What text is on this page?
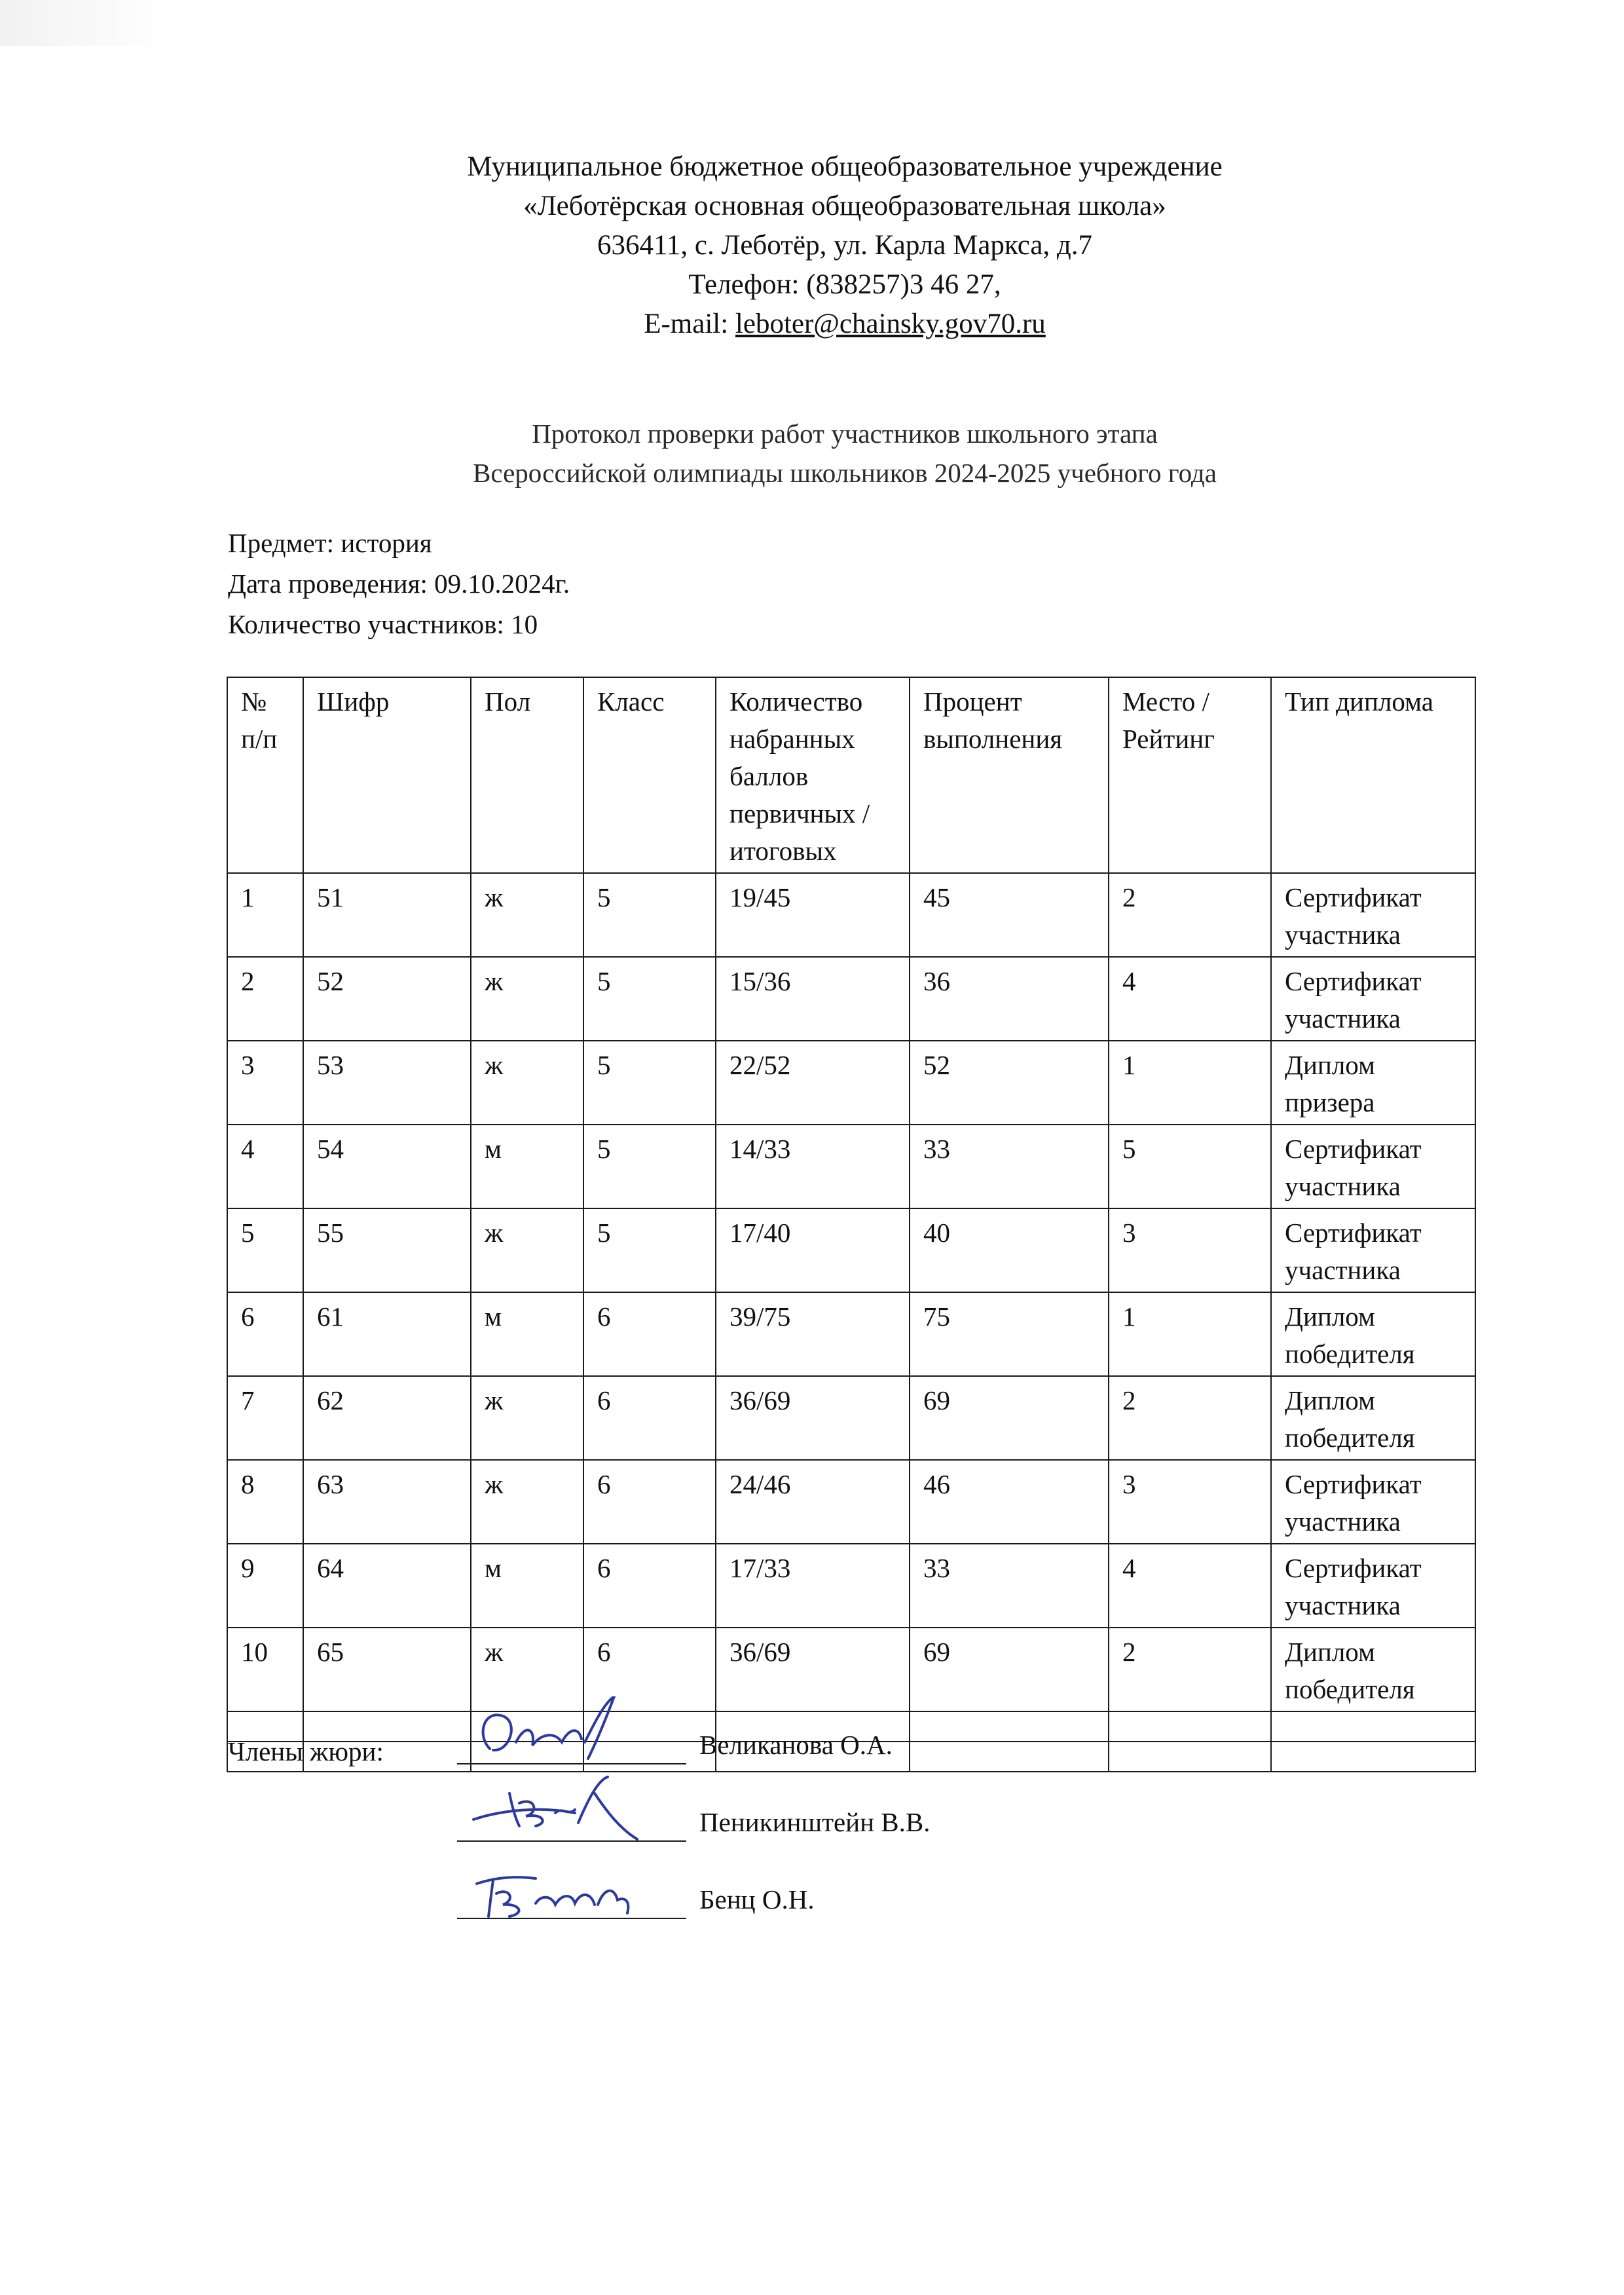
Муниципальное бюджетное общеобразовательное учреждение
«Леботёрская основная общеобразовательная школа»
636411, с. Леботёр, ул. Карла Маркса, д.7
Телефон: (838257)3 46 27,
E-mail: leboter@chainsky.gov70.ru
Протокол проверки работ участников школьного этапа
Всероссийской олимпиады школьников 2024-2025 учебного года
Предмет: история
Дата проведения: 09.10.2024г.
Количество участников: 10
№ п/п	Шифр	Пол	Класс	Количество набранных баллов первичных / итоговых	Процент выполнения	Место / Рейтинг	Тип диплома
1	51	ж	5	19/45	45	2	Сертификат участника
2	52	ж	5	15/36	36	4	Сертификат участника
3	53	ж	5	22/52	52	1	Диплом призера
4	54	м	5	14/33	33	5	Сертификат участника
5	55	ж	5	17/40	40	3	Сертификат участника
6	61	м	6	39/75	75	1	Диплом победителя
7	62	ж	6	36/69	69	2	Диплом победителя
8	63	ж	6	24/46	46	3	Сертификат участника
9	64	м	6	17/33	33	4	Сертификат участника
10	65	ж	6	36/69	69	2	Диплом победителя

Члены жюри:	Великанова О.А.
Пеникинштейн В.В.
Бенц О.Н.
